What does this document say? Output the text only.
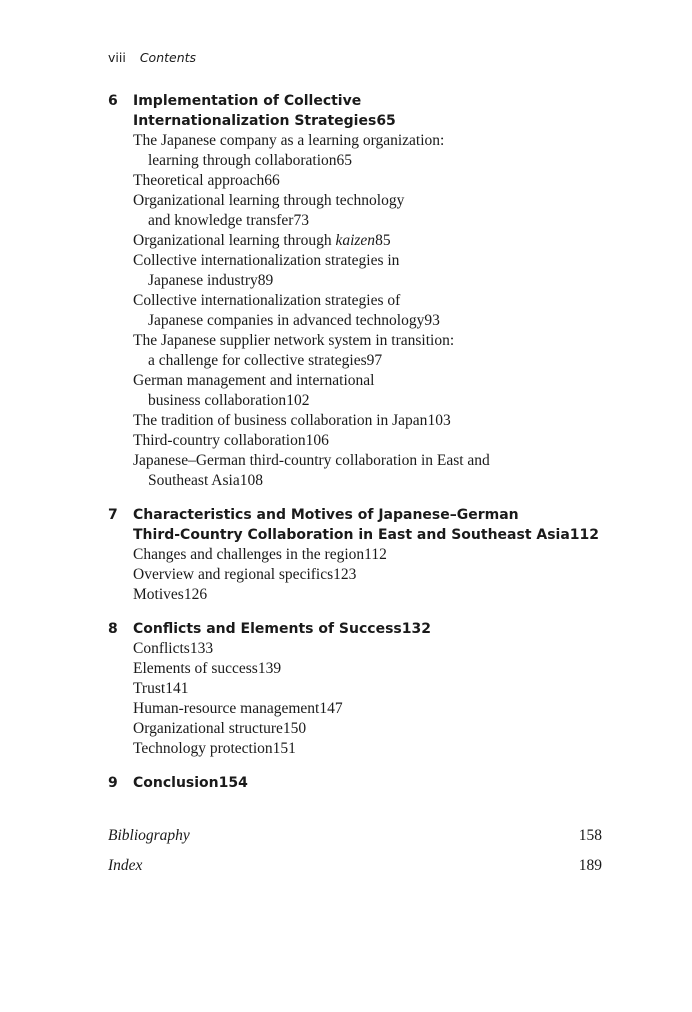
viii Contents
6 Implementation of Collective
Internationalization Strategies65
The Japanese company as a learning organization:
learning through collaboration65
Theoretical approach66
Organizational learning through technology
and knowledge transfer73
Organizational learning through kaizen85
Collective internationalization strategies in
Japanese industry89
Collective internationalization strategies of
Japanese companies in advanced technology93
The Japanese supplier network system in transition:
a challenge for collective strategies97
German management and international
business collaboration102
The tradition of business collaboration in Japan103
Third-country collaboration106
Japanese–German third-country collaboration in East and
Southeast Asia108
7 Characteristics and Motives of Japanese–German
Third-Country Collaboration in East and Southeast Asia112
Changes and challenges in the region112
Overview and regional specifics123
Motives126
8 Conflicts and Elements of Success132
Conflicts133
Elements of success139
Trust141
Human-resource management147
Organizational structure150
Technology protection151
9 Conclusion154
Bibliography	158
Index	189
